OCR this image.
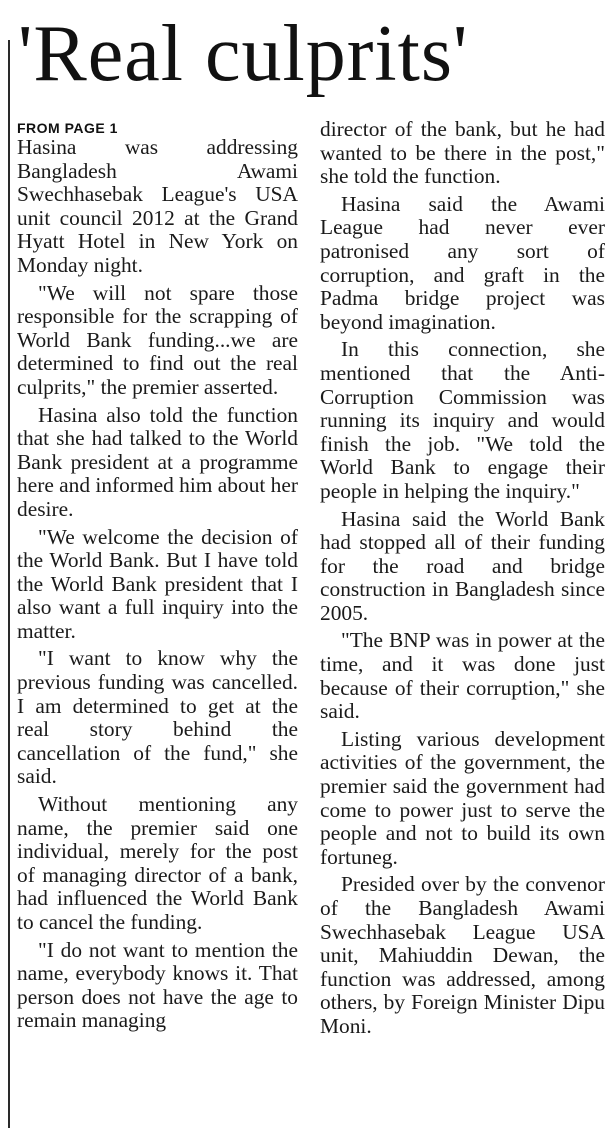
'Real culprits'
FROM PAGE 1

Hasina was addressing Bangladesh Awami Swechhasebak League's USA unit council 2012 at the Grand Hyatt Hotel in New York on Monday night.

"We will not spare those responsible for the scrapping of World Bank funding...we are determined to find out the real culprits," the premier asserted.

Hasina also told the function that she had talked to the World Bank president at a programme here and informed him about her desire.

"We welcome the decision of the World Bank. But I have told the World Bank president that I also want a full inquiry into the matter.

"I want to know why the previous funding was cancelled. I am determined to get at the real story behind the cancellation of the fund," she said.

Without mentioning any name, the premier said one individual, merely for the post of managing director of a bank, had influenced the World Bank to cancel the funding.

"I do not want to mention the name, everybody knows it. That person does not have the age to remain managing

director of the bank, but he had wanted to be there in the post," she told the function.

Hasina said the Awami League had never ever patronised any sort of corruption, and graft in the Padma bridge project was beyond imagination.

In this connection, she mentioned that the Anti-Corruption Commission was running its inquiry and would finish the job. "We told the World Bank to engage their people in helping the inquiry."

Hasina said the World Bank had stopped all of their funding for the road and bridge construction in Bangladesh since 2005.

"The BNP was in power at the time, and it was done just because of their corruption," she said.

Listing various development activities of the government, the premier said the government had come to power just to serve the people and not to build its own fortuneg.

Presided over by the convenor of the Bangladesh Awami Swechhasebak League USA unit, Mahiuddin Dewan, the function was addressed, among others, by Foreign Minister Dipu Moni.
